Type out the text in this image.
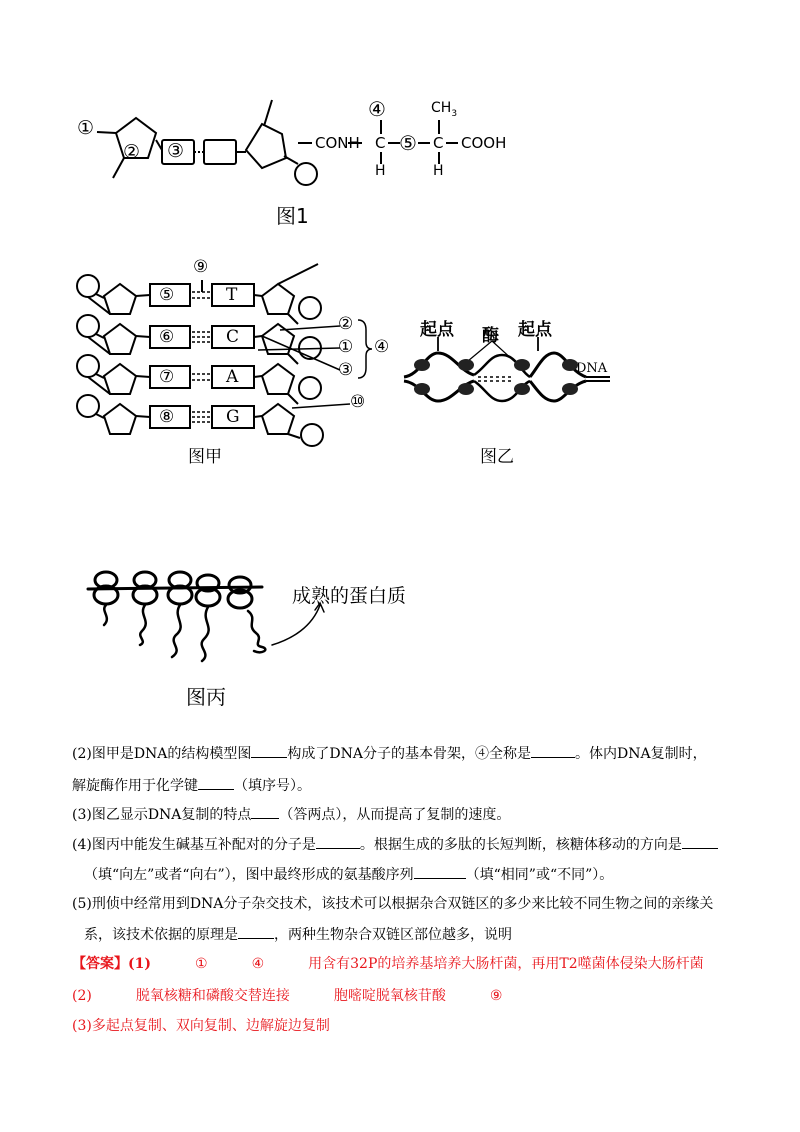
①
② ③	CONH
④
C
H
⑤
$CH_3$
C
H
COOH
图1
⑨
⑤
⑥
⑦
⑧
T
C
A
G
②
①
③
④
⑩
图甲
起点 酶 起点
DNA
图乙
成熟的蛋白质
图丙
(2)图甲是DNA的结构模型图	构成了DNA分子的基本骨架，④全称是	。体内DNA复制时，
解旋酶作用于化学键	（填序号）。
(3)图乙显示DNA复制的特点 （答两点），从而提高了复制的速度。
(4)图丙中能发生碱基互补配对的分子是	。根据生成的多肽的长短判断，核糖体移动的方向是
（填“向左”或者“向右”），图中最终形成的氨基酸序列	（填“相同”或“不同”）。
(5)刑侦中经常用到DNA分子杂交技术，该技术可以根据杂合双链区的多少来比较不同生物之间的亲缘关
系，该技术依据的原理是	，两种生物杂合双链区部位越多，说明
【答案】(1)	①	④	用含有32P的培养基培养大肠杆菌，再用T2噬菌体侵染大肠杆菌
(2)	脱氧核糖和磷酸交替连接	胞嘧啶脱氧核苷酸	⑨
(3)多起点复制、双向复制、边解旋边复制
